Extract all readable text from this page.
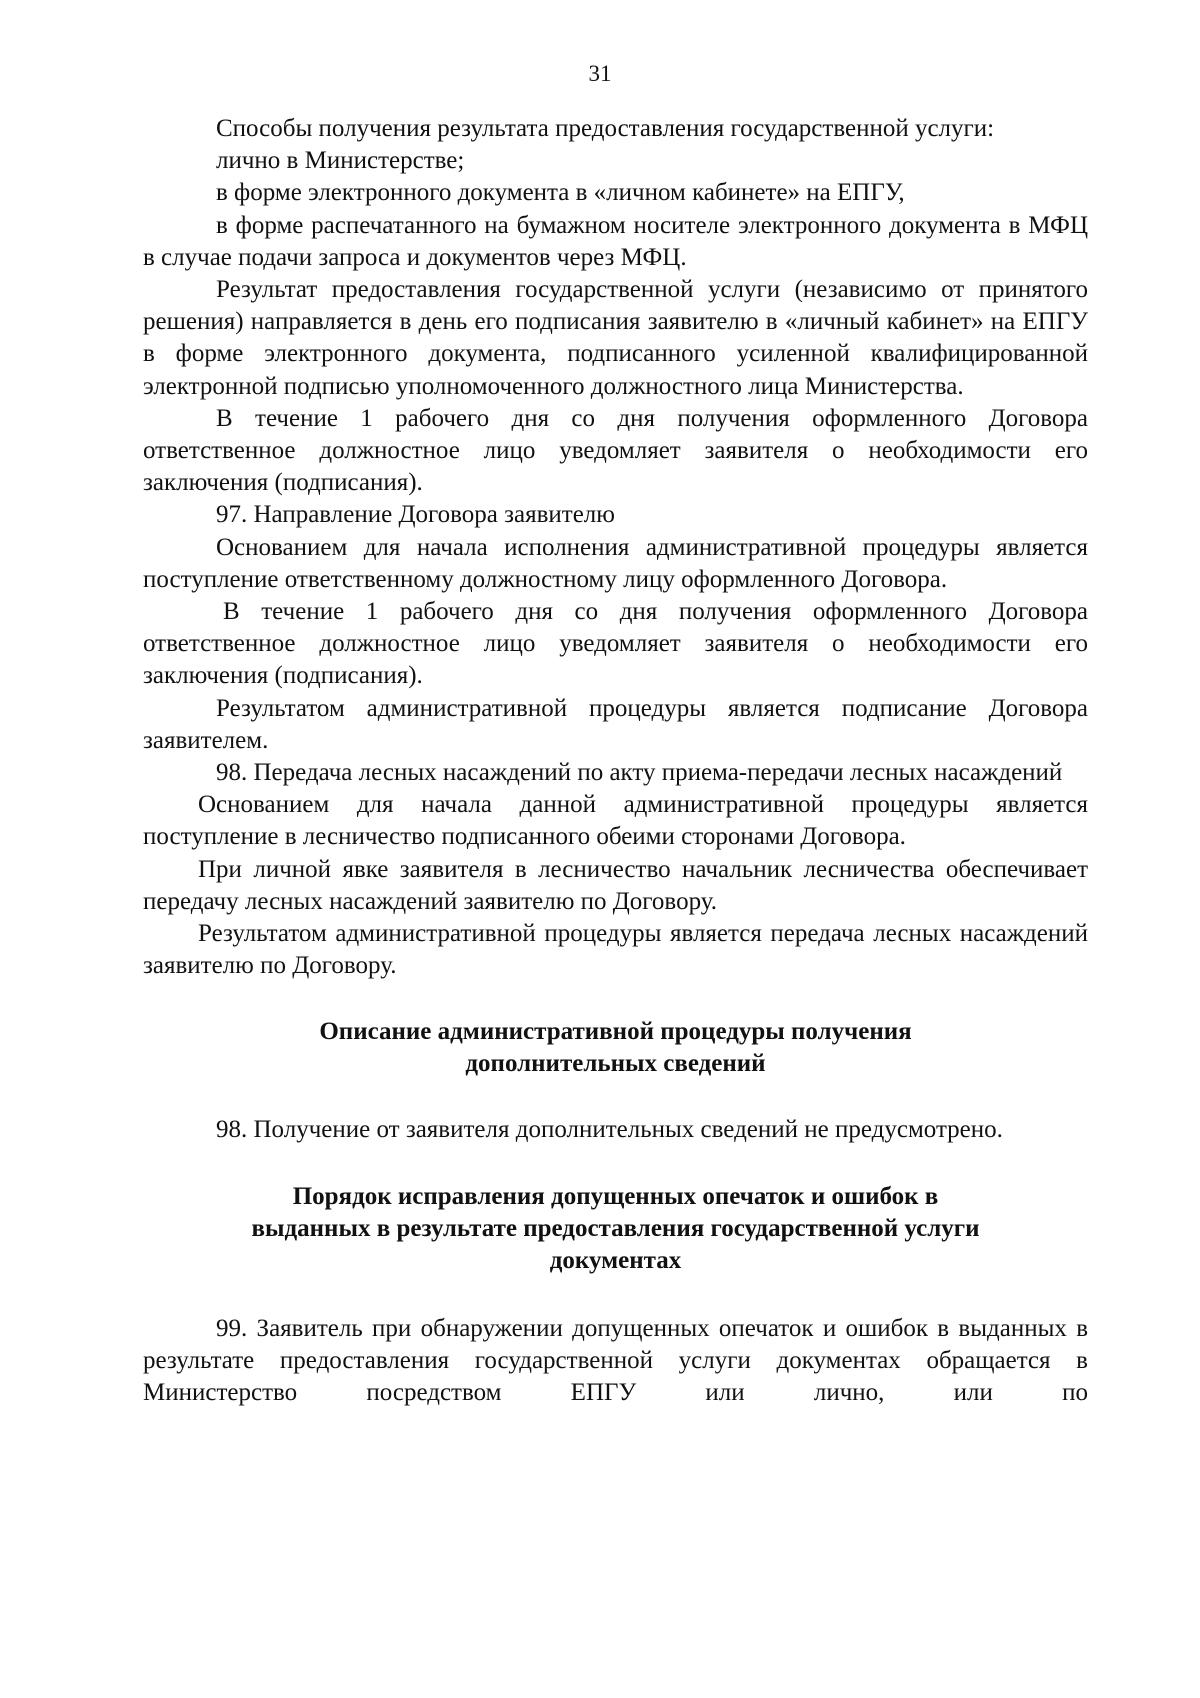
31

Способы получения результата предоставления государственной услуги:

лично в Министерстве;

в форме электронного документа в «личном кабинете» на ЕПГУ,

в форме распечатанного на бумажном носителе электронного документа в МФЦ в случае подачи запроса и документов через МФЦ.

Результат предоставления государственной услуги (независимо от принятого решения) направляется в день его подписания заявителю в «личный кабинет» на ЕПГУ в форме электронного документа, подписанного усиленной квалифицированной электронной подписью уполномоченного должностного лица Министерства.

В течение 1 рабочего дня со дня получения оформленного Договора ответственное должностное лицо уведомляет заявителя о необходимости его заключения (подписания).

97. Направление Договора заявителю

Основанием для начала исполнения административной процедуры является поступление ответственному должностному лицу оформленного Договора.

В течение 1 рабочего дня со дня получения оформленного Договора ответственное должностное лицо уведомляет заявителя о необходимости его заключения (подписания).

Результатом административной процедуры является подписание Договора заявителем.

98. Передача лесных насаждений по акту приема-передачи лесных насаждений

Основанием для начала данной административной процедуры является поступление в лесничество подписанного обеими сторонами Договора.

При личной явке заявителя в лесничество начальник лесничества обеспечивает передачу лесных насаждений заявителю по Договору.

Результатом административной процедуры является передача лесных насаждений заявителю по Договору.

Описание административной процедуры получения

дополнительных сведений

98. Получение от заявителя дополнительных сведений не предусмотрено.

Порядок исправления допущенных опечаток и ошибок в

выданных в результате предоставления государственной услуги

документах

99. Заявитель при обнаружении допущенных опечаток и ошибок в выданных в результате предоставления государственной услуги документах обращается в Министерство посредством ЕПГУ или лично, или по
